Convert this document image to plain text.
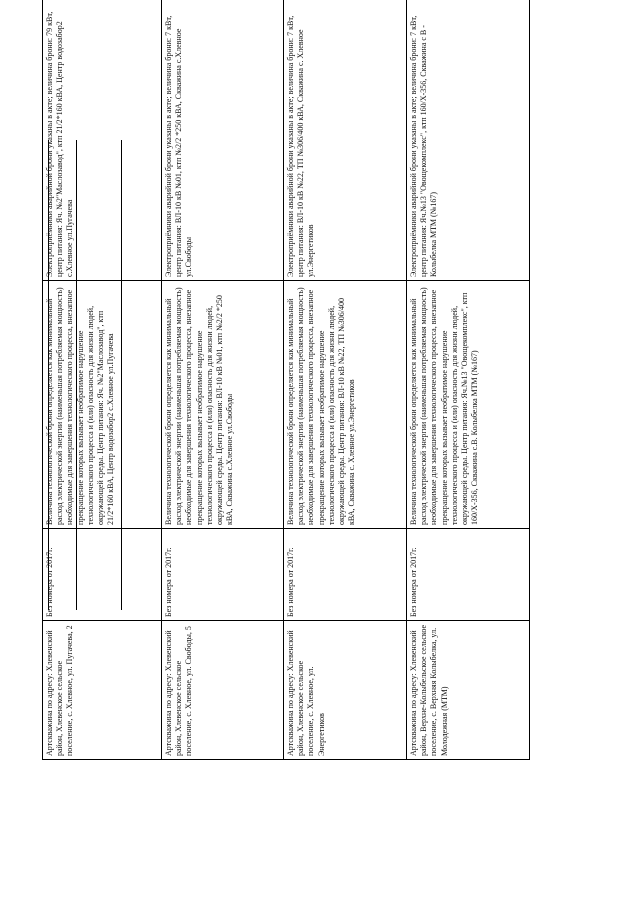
Артскважина по адресу: Хлевенский район, Хлевенское сельское поселение, с. Хлевное, ул. Пугачева, 2	Без номера от 2017г.	Величина технологической брони определяется как минимальный расход электрической энергии (наименьшая потребляемая мощность) необходимые для завершения технологического процесса, внезапное прекращение которых вызывает необратимое нарушение технологического процесса и (или) опасность для жизни людей, окружающей среды. Центр питания: Яч. №2"Маслозавод", ктп 21/2*160 кВА, Центр водозабор2 с.Хлевное ул.Пугачева	Электроприёмники аварийной брони указаны в акте; величина брони: 79 кВт, центр питания: Яч. №2"Маслозавод", ктп 21/2*160 кВА, Центр водозабор2 с.Хлевное ул.Пугачева

Артскважина по адресу: Хлевенский район, Хлевенское сельское поселение, с. Хлевное, ул. Свободы, 5	Без номера от 2017г.	Величина технологической брони определяется как минимальный расход электрической энергии (наименьшая потребляемая мощность) необходимые для завершения технологического процесса, внезапное прекращение которых вызывает необратимое нарушение технологического процесса и (или) опасность для жизни людей, окружающей среды. Центр питания: ВЛ-10 кВ №01, ктп №2/2 *250 кВА, Скважина с.Хлевное ул.Свободы	Электроприёмники аварийной брони указаны в акте; величина брони: 7 кВт, центр питания: ВЛ-10 кВ №01, ктп №2/2 *250 кВА, Скважина с.Хлевное ул.Свободы

Артскважина по адресу: Хлевенский район, Хлевенское сельское поселение, с. Хлевное, ул. Энергетиков	Без номера от 2017г.	Величина технологической брони определяется как минимальный расход электрической энергии (наименьшая потребляемая мощность) необходимые для завершения технологического процесса, внезапное прекращение которых вызывает необратимое нарушение технологического процесса и (или) опасность для жизни людей, окружающей среды. Центр питания: ВЛ-10 кВ №22, ТП №306/400 кВА, Скважина с. Хлевное ул.Энергетиков	Электроприёмники аварийной брони указаны в акте; величина брони: 7 кВт, центр питания: ВЛ-10 кВ №22, ТП №306/400 кВА, Скважина с. Хлевное ул.Энергетиков

Артскважина по адресу: Хлевенский район, Верхне-Колыбельское сельское поселение, с. Верхняя Колыбелка, ул. Молодежная (МТМ)	Без номера от 2017г.	Величина технологической брони определяется как минимальный расход электрической энергии (наименьшая потребляемая мощность) необходимые для завершения технологического процесса, внезапное прекращение которых вызывает необратимое нарушение технологического процесса и (или) опасность для жизни людей, окружающей среды. Центр питания: Яч.№13 "Овощекомплекс", ктп 160/X-356, Скважина с.В. Колыбелка МТМ (№167)	Электроприёмники аварийной брони указаны в акте; величина брони: 7 кВт, центр питания: Яч.№13 "Овощекомплекс", ктп 160/X-356, Скважина с В - Колыбелка МТМ (№167)
